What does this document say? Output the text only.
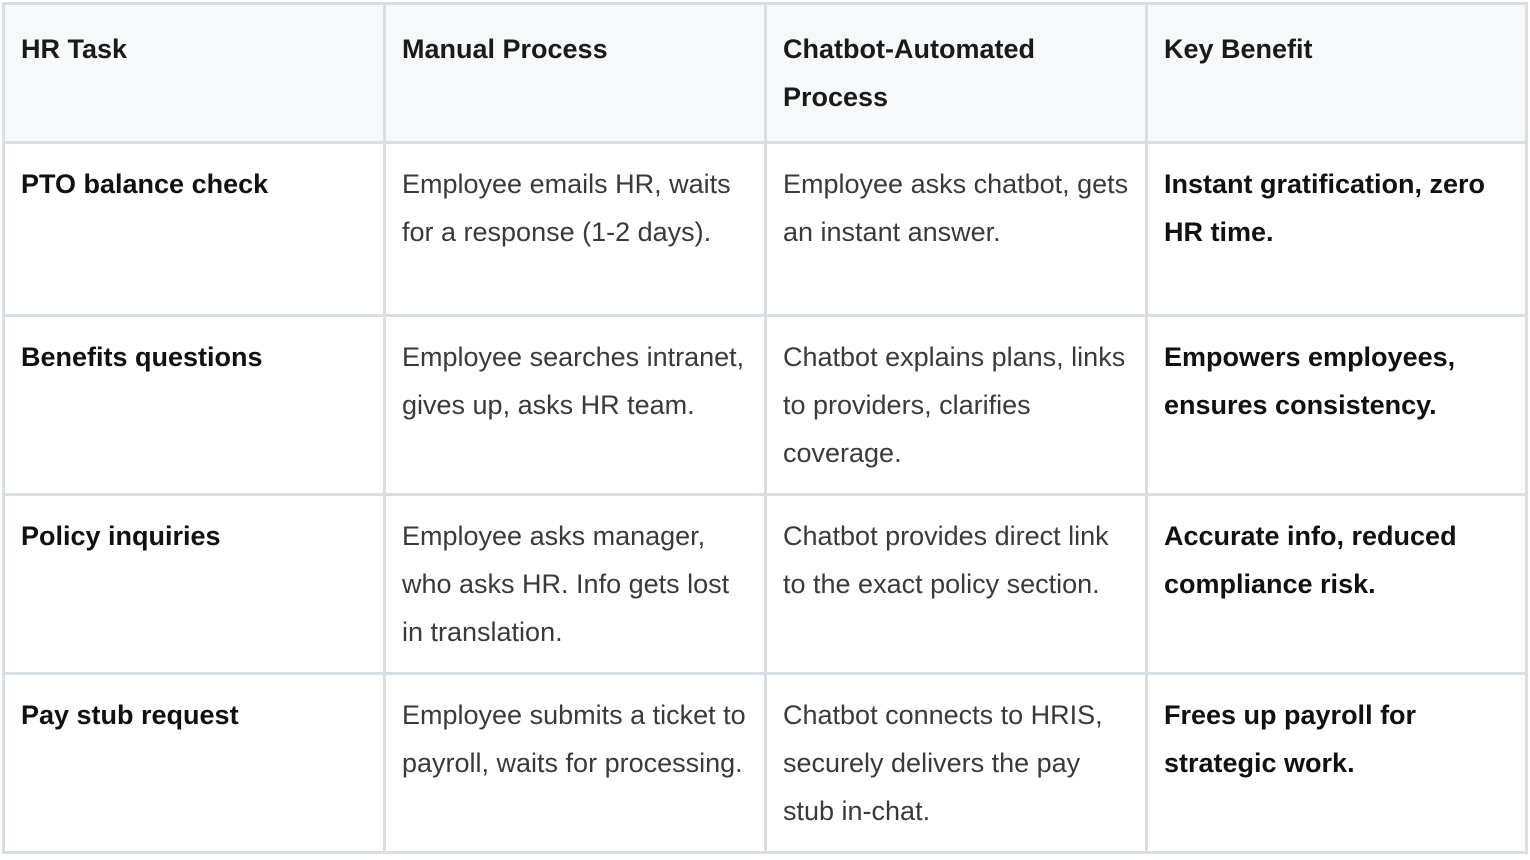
HR Task	Manual Process	Chatbot-Automated Process	Key Benefit
PTO balance check	Employee emails HR, waits for a response (1-2 days).	Employee asks chatbot, gets an instant answer.	Instant gratification, zero HR time.
Benefits questions	Employee searches intranet, gives up, asks HR team.	Chatbot explains plans, links to providers, clarifies coverage.	Empowers employees, ensures consistency.
Policy inquiries	Employee asks manager, who asks HR. Info gets lost in translation.	Chatbot provides direct link to the exact policy section.	Accurate info, reduced compliance risk.
Pay stub request	Employee submits a ticket to payroll, waits for processing.	Chatbot connects to HRIS, securely delivers the pay stub in-chat.	Frees up payroll for strategic work.
